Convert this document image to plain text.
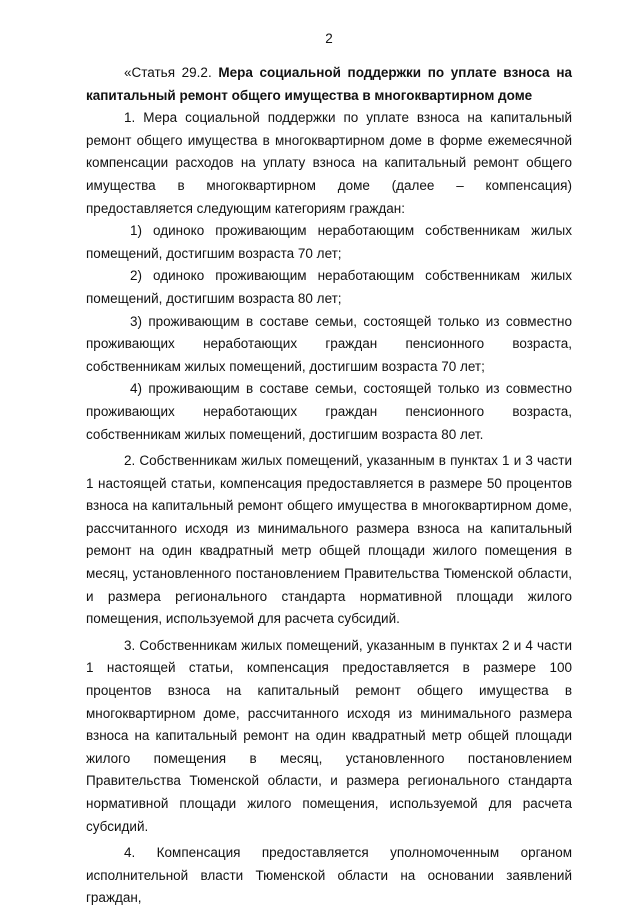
2

«Статья 29.2. Мера социальной поддержки по уплате взноса на капитальный ремонт общего имущества в многоквартирном доме

1. Мера социальной поддержки по уплате взноса на капитальный ремонт общего имущества в многоквартирном доме в форме ежемесячной компенсации расходов на уплату взноса на капитальный ремонт общего имущества в многоквартирном доме (далее – компенсация) предоставляется следующим категориям граждан:

1) одиноко проживающим неработающим собственникам жилых помещений, достигшим возраста 70 лет;

2) одиноко проживающим неработающим собственникам жилых помещений, достигшим возраста 80 лет;

3) проживающим в составе семьи, состоящей только из совместно проживающих неработающих граждан пенсионного возраста, собственникам жилых помещений, достигшим возраста 70 лет;

4) проживающим в составе семьи, состоящей только из совместно проживающих неработающих граждан пенсионного возраста, собственникам жилых помещений, достигшим возраста 80 лет.

2. Собственникам жилых помещений, указанным в пунктах 1 и 3 части 1 настоящей статьи, компенсация предоставляется в размере 50 процентов взноса на капитальный ремонт общего имущества в многоквартирном доме, рассчитанного исходя из минимального размера взноса на капитальный ремонт на один квадратный метр общей площади жилого помещения в месяц, установленного постановлением Правительства Тюменской области, и размера регионального стандарта нормативной площади жилого помещения, используемой для расчета субсидий.

3. Собственникам жилых помещений, указанным в пунктах 2 и 4 части 1 настоящей статьи, компенсация предоставляется в размере 100 процентов взноса на капитальный ремонт общего имущества в многоквартирном доме, рассчитанного исходя из минимального размера взноса на капитальный ремонт на один квадратный метр общей площади жилого помещения в месяц, установленного постановлением Правительства Тюменской области, и размера регионального стандарта нормативной площади жилого помещения, используемой для расчета субсидий.

4. Компенсация предоставляется уполномоченным органом исполнительной власти Тюменской области на основании заявлений граждан,
